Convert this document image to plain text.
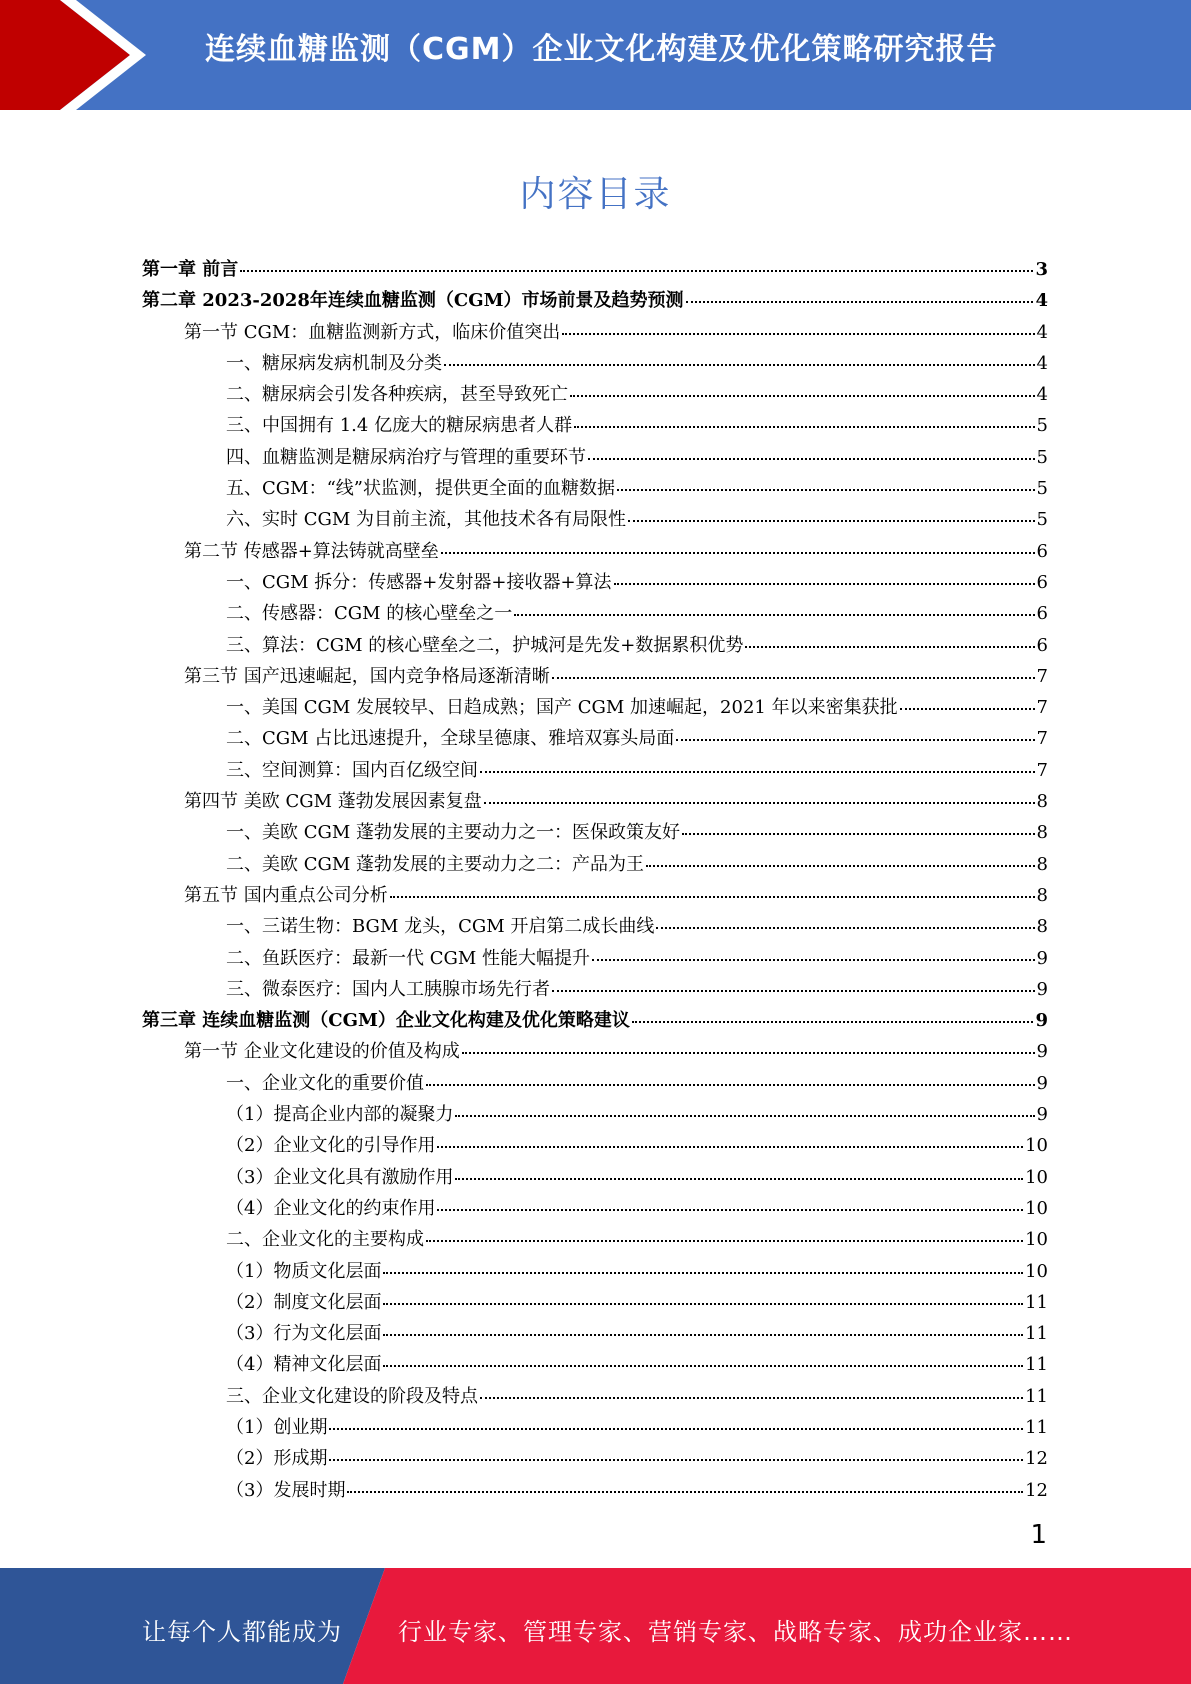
连续血糖监测（CGM）企业文化构建及优化策略研究报告
内容目录
第一章 前言	3
第二章 2023-2028年连续血糖监测（CGM）市场前景及趋势预测	4
第一节 CGM：血糖监测新方式，临床价值突出	4
一、糖尿病发病机制及分类	4
二、糖尿病会引发各种疾病，甚至导致死亡	4
三、中国拥有 1.4 亿庞大的糖尿病患者人群	5
四、血糖监测是糖尿病治疗与管理的重要环节	5
五、CGM：“线”状监测，提供更全面的血糖数据	5
六、实时 CGM 为目前主流，其他技术各有局限性	5
第二节 传感器+算法铸就高壁垒	6
一、CGM 拆分：传感器+发射器+接收器+算法	6
二、传感器：CGM 的核心壁垒之一	6
三、算法：CGM 的核心壁垒之二，护城河是先发+数据累积优势	6
第三节 国产迅速崛起，国内竞争格局逐渐清晰	7
一、美国 CGM 发展较早、日趋成熟；国产 CGM 加速崛起，2021 年以来密集获批	7
二、CGM 占比迅速提升，全球呈德康、雅培双寡头局面	7
三、空间测算：国内百亿级空间	7
第四节 美欧 CGM 蓬勃发展因素复盘	8
一、美欧 CGM 蓬勃发展的主要动力之一：医保政策友好	8
二、美欧 CGM 蓬勃发展的主要动力之二：产品为王	8
第五节 国内重点公司分析	8
一、三诺生物：BGM 龙头，CGM 开启第二成长曲线	8
二、鱼跃医疗：最新一代 CGM 性能大幅提升	9
三、微泰医疗：国内人工胰腺市场先行者	9
第三章 连续血糖监测（CGM）企业文化构建及优化策略建议	9
第一节 企业文化建设的价值及构成	9
一、企业文化的重要价值	9
（1）提高企业内部的凝聚力	9
（2）企业文化的引导作用	10
（3）企业文化具有激励作用	10
（4）企业文化的约束作用	10
二、企业文化的主要构成	10
（1）物质文化层面	10
（2）制度文化层面	11
（3）行为文化层面	11
（4）精神文化层面	11
三、企业文化建设的阶段及特点	11
（1）创业期	11
（2）形成期	12
（3）发展时期	12
1
让每个人都能成为 行业专家、管理专家、营销专家、战略专家、成功企业家……
